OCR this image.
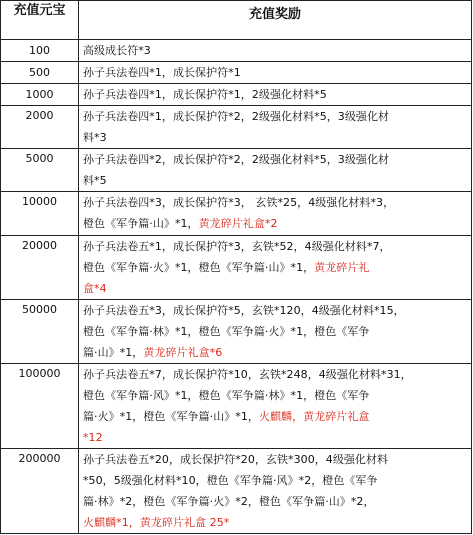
充值元宝	充值奖励
100	高级成长符*3

500	孙子兵法卷四*1，成长保护符*1

1000	孙子兵法卷四*1，成长保护符*1，2级强化材料*5

2000	孙子兵法卷四*1，成长保护符*2，2级强化材料*5，3级强化材
料*3

5000	孙子兵法卷四*2，成长保护符*2，2级强化材料*5，3级强化材
料*5

10000	孙子兵法卷四*3，成长保护符*3， 玄铁*25，4级强化材料*3，
橙色《军争篇·山》*1，黄龙碎片礼盒*2

20000	孙子兵法卷五*1，成长保护符*3，玄铁*52，4级强化材料*7，
橙色《军争篇·火》*1，橙色《军争篇·山》*1，黄龙碎片礼
盒*4

50000	孙子兵法卷五*3，成长保护符*5，玄铁*120，4级强化材料*15，
橙色《军争篇·林》*1，橙色《军争篇·火》*1，橙色《军争
篇·山》*1，黄龙碎片礼盒*6

100000	孙子兵法卷五*7，成长保护符*10，玄铁*248，4级强化材料*31，
橙色《军争篇·风》*1，橙色《军争篇·林》*1，橙色《军争
篇·火》*1，橙色《军争篇·山》*1，火麒麟，黄龙碎片礼盒
*12

200000	孙子兵法卷五*20，成长保护符*20，玄铁*300，4级强化材料
*50，5级强化材料*10，橙色《军争篇·风》*2，橙色《军争
篇·林》*2，橙色《军争篇·火》*2，橙色《军争篇·山》*2，
火麒麟*1，黄龙碎片礼盒 25*
